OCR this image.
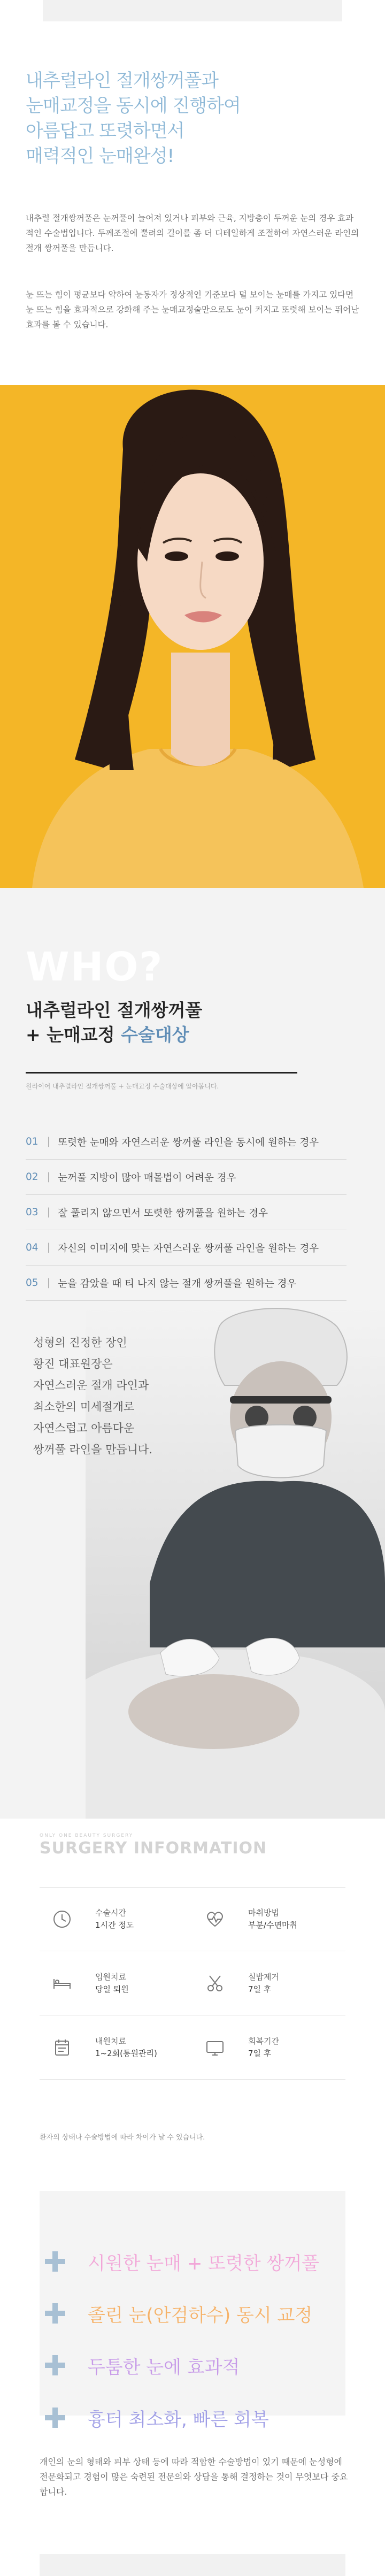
내추럴라인 절개쌍꺼풀과
눈매교정을 동시에 진행하여
아름답고 또렷하면서
매력적인 눈매완성!
내추럴 절개쌍꺼풀은 눈꺼풀이 늘어져 있거나 피부와 근육, 지방층이 두꺼운 눈의 경우 효과적인 수술법입니다. 두께조절에 뿔려의 길이를 좀 더 디테일하게 조절하여 자연스러운 라인의 절개 쌍꺼풀을 만듭니다.
눈 뜨는 힘이 평균보다 약하여 눈동자가 정상적인 기준보다 덜 보이는 눈매를 가지고 있다면 눈 뜨는 힘을 효과적으로 강화해 주는 눈매교정술만으로도 눈이 커지고 또렷해 보이는 뛰어난 효과를 볼 수 있습니다.
WHO?
내추럴라인 절개쌍꺼풀
+ 눈매교정 수술대상
원라이어 내추럴라인 절개쌍꺼풀 + 눈매교정 수술대상에 알아봅니다.
01 | 또렷한 눈매와 자연스러운 쌍꺼풀 라인을 동시에 원하는 경우
02 | 눈꺼풀 지방이 많아 매몰법이 어려운 경우
03 | 잘 풀리지 않으면서 또렷한 쌍꺼풀을 원하는 경우
04 | 자신의 이미지에 맞는 자연스러운 쌍꺼풀 라인을 원하는 경우
05 | 눈을 감았을 때 티 나지 않는 절개 쌍꺼풀을 원하는 경우
성형의 진정한 장인
황진 대표원장은
자연스러운 절개 라인과
최소한의 미세절개로
자연스럽고 아름다운
쌍꺼풀 라인을 만듭니다.
ONLY ONE BEAUTY SURGERY
SURGERY INFORMATION
수술시간
1시간 정도
마취방법
부분/수면마취
입원치료
당일 퇴원
실밥제거
7일 후
내원치료
1~2회(통원관리)
회복기간
7일 후
환자의 상태나 수술방법에 따라 차이가 날 수 있습니다.
시원한 눈매 + 또렷한 쌍꺼풀
졸린 눈(안검하수) 동시 교정
두툼한 눈에 효과적
흉터 최소화, 빠른 회복
개인의 눈의 형태와 피부 상태 등에 따라 적합한 수술방법이 있기 때문에 눈성형에 전문화되고 경험이 많은 숙련된 전문의와 상담을 통해 결정하는 것이 무엇보다 중요합니다.
